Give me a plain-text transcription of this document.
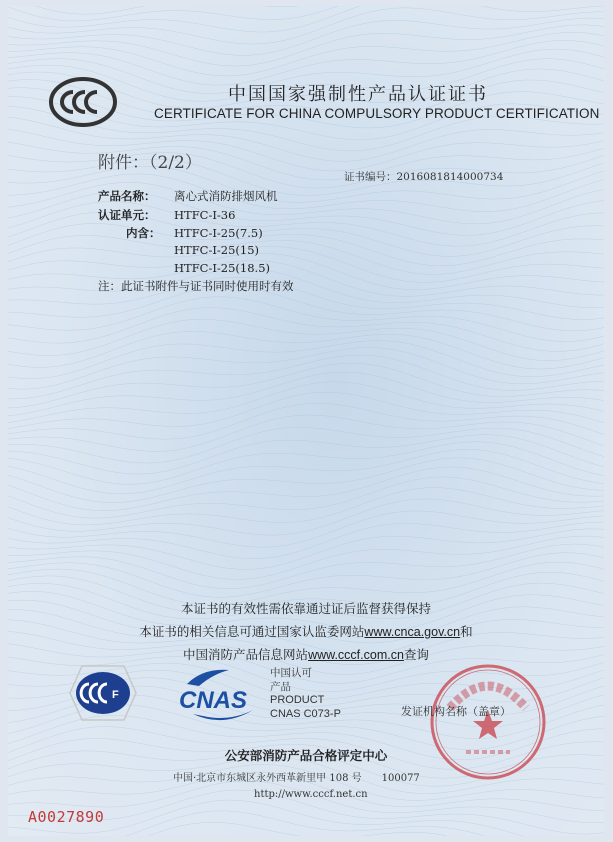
中国国家强制性产品认证证书
CERTIFICATE FOR CHINA COMPULSORY PRODUCT CERTIFICATION
附件：（2/2）
证书编号：2016081814000734
产品名称： 离心式消防排烟风机
认证单元： HTFC-I-36
内含： HTFC-I-25(7.5)
HTFC-I-25(15)
HTFC-I-25(18.5)
注：此证书附件与证书同时使用时有效
本证书的有效性需依靠通过证后监督获得保持
本证书的相关信息可通过国家认监委网站www.cnca.gov.cn和
中国消防产品信息网站www.cccf.com.cn查询
F	CNAS
中国认可
产品
PRODUCT
CNAS C073-P	发证机构名称（盖章）
公安部消防产品合格评定中心
中国·北京市东城区永外西革新里甲 108 号　　100077
http://www.cccf.net.cn
A0027890
